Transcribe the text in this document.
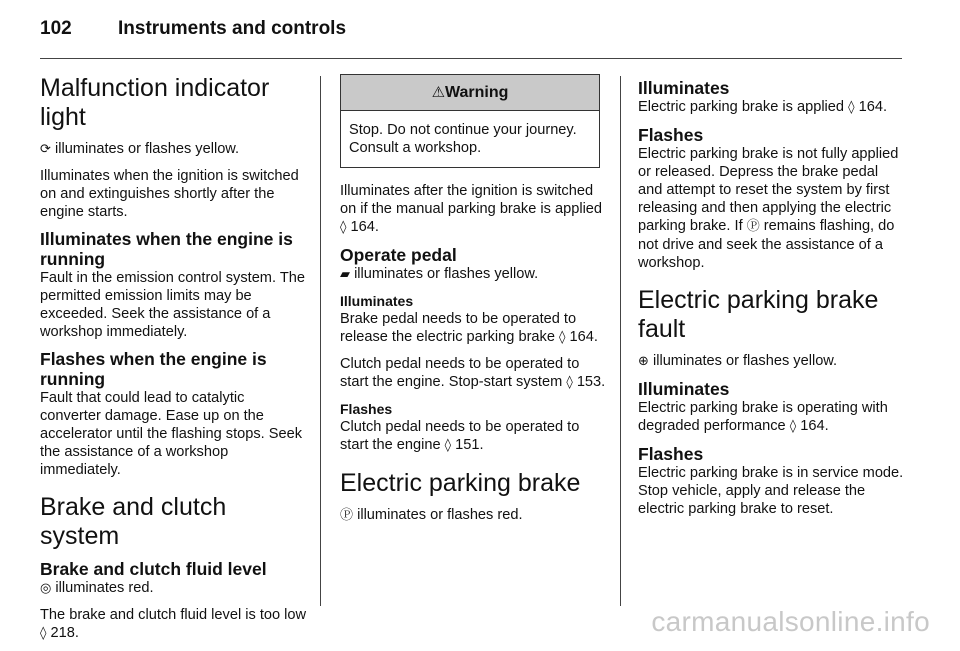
102 Instruments and controls
Malfunction indicator light

⟳ illuminates or flashes yellow.

Illuminates when the ignition is switched on and extinguishes shortly after the engine starts.

Illuminates when the engine is running

Fault in the emission control system. The permitted emission limits may be exceeded. Seek the assistance of a workshop immediately.

Flashes when the engine is running

Fault that could lead to catalytic converter damage. Ease up on the accelerator until the flashing stops. Seek the assistance of a workshop immediately.

Brake and clutch system
Brake and clutch fluid level

◎ illuminates red.

The brake and clutch fluid level is too low ◊ 218.

⚠Warning
Stop. Do not continue your journey. Consult a workshop.

Illuminates after the ignition is switched on if the manual parking brake is applied ◊ 164.

Operate pedal

▰ illuminates or flashes yellow.

Illuminates

Brake pedal needs to be operated to release the electric parking brake ◊ 164.

Clutch pedal needs to be operated to start the engine. Stop-start system ◊ 153.

Flashes

Clutch pedal needs to be operated to start the engine ◊ 151.

Electric parking brake

Ⓟ illuminates or flashes red.

Illuminates

Electric parking brake is applied ◊ 164.

Flashes

Electric parking brake is not fully applied or released. Depress the brake pedal and attempt to reset the system by first releasing and then applying the electric parking brake. If Ⓟ remains flashing, do not drive and seek the assistance of a workshop.

Electric parking brake fault

⊕ illuminates or flashes yellow.

Illuminates

Electric parking brake is operating with degraded performance ◊ 164.

Flashes

Electric parking brake is in service mode. Stop vehicle, apply and release the electric parking brake to reset.

carmanualsonline.info
